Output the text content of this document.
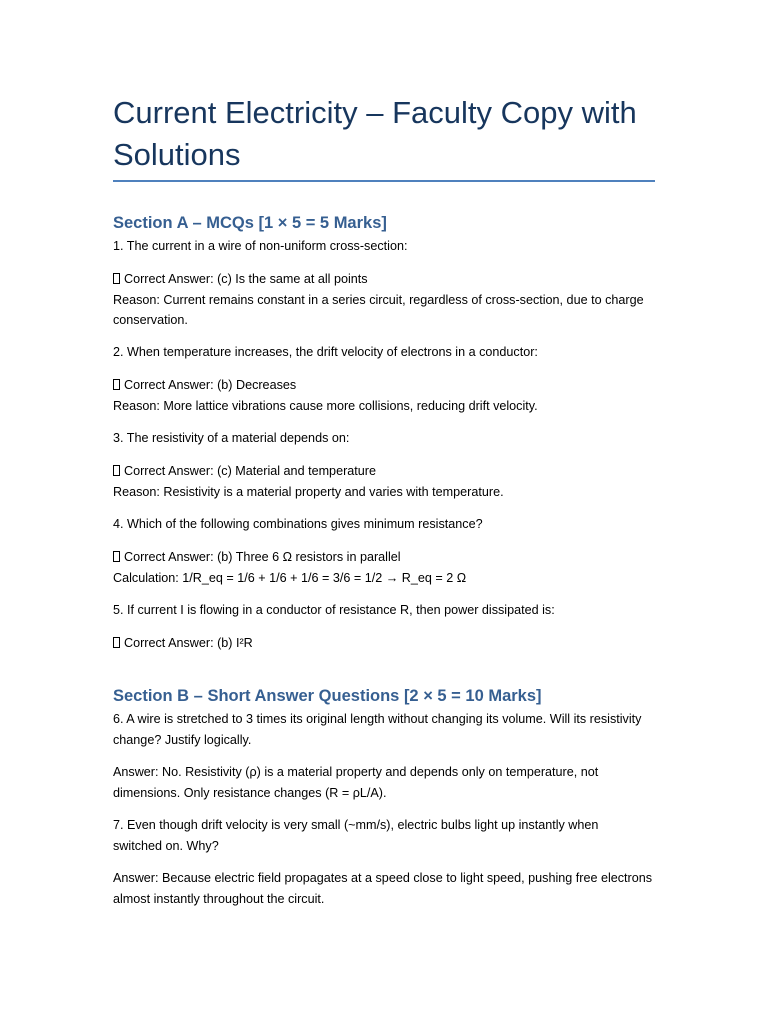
Current Electricity – Faculty Copy with Solutions
Section A – MCQs [1 × 5 = 5 Marks]
1. The current in a wire of non-uniform cross-section:
Correct Answer: (c) Is the same at all points
Reason: Current remains constant in a series circuit, regardless of cross-section, due to charge
conservation.
2. When temperature increases, the drift velocity of electrons in a conductor:
Correct Answer: (b) Decreases
Reason: More lattice vibrations cause more collisions, reducing drift velocity.
3. The resistivity of a material depends on:
Correct Answer: (c) Material and temperature
Reason: Resistivity is a material property and varies with temperature.
4. Which of the following combinations gives minimum resistance?
Correct Answer: (b) Three 6 Ω resistors in parallel
Calculation: 1/R_eq = 1/6 + 1/6 + 1/6 = 3/6 = 1/2 → R_eq = 2 Ω
5. If current I is flowing in a conductor of resistance R, then power dissipated is:
Correct Answer: (b) I²R
Section B – Short Answer Questions [2 × 5 = 10 Marks]
6. A wire is stretched to 3 times its original length without changing its volume. Will its resistivity
change? Justify logically.
Answer: No. Resistivity (ρ) is a material property and depends only on temperature, not
dimensions. Only resistance changes (R = ρL/A).
7. Even though drift velocity is very small (~mm/s), electric bulbs light up instantly when
switched on. Why?
Answer: Because electric field propagates at a speed close to light speed, pushing free electrons
almost instantly throughout the circuit.
